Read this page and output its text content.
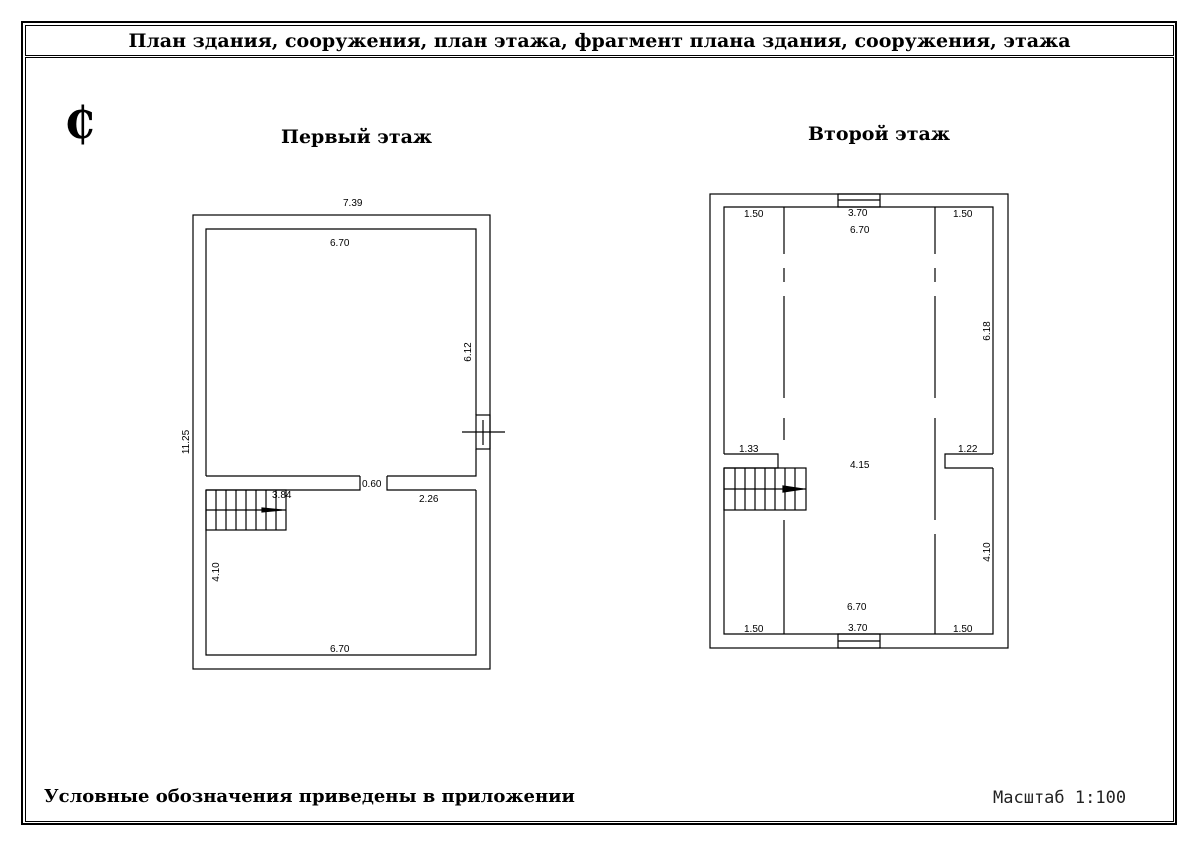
План здания, сооружения, план этажа, фрагмент плана здания, сооружения, этажа
₵	Первый этаж	Второй этаж
7.39
6.70
6.12
11.25
0.60
3.84	2.26
4.10
6.70
1.50	3.70	1.50
6.70
6.18
1.33
4.15
1.22
4.10
6.70
1.50	3.70	1.50
Условные обозначения приведены в приложении	Масштаб 1:100
